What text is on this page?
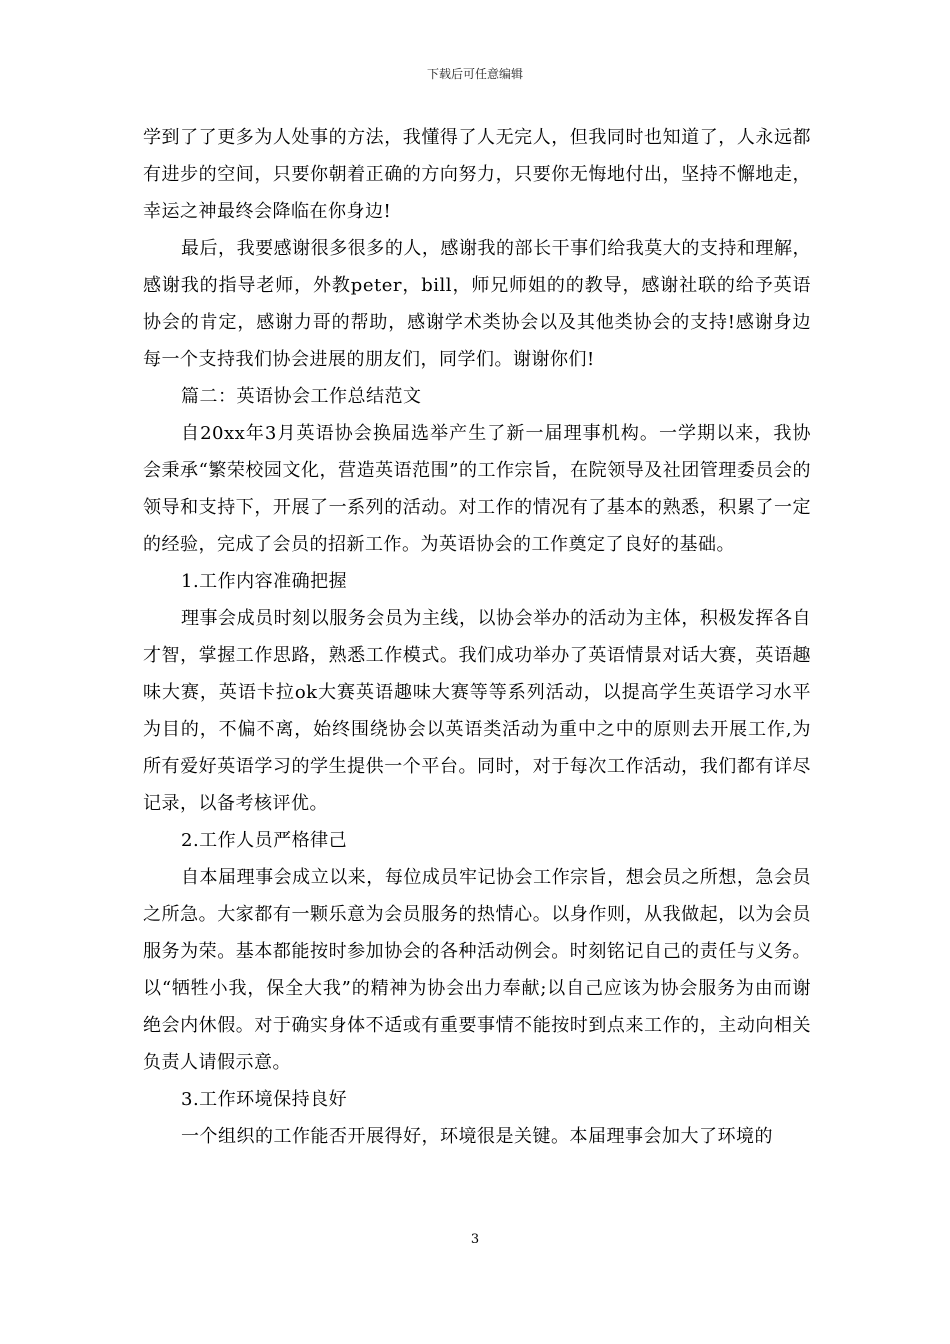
下载后可任意编辑

学到了了更多为人处事的方法，我懂得了人无完人，但我同时也知道了，人永远都有进步的空间，只要你朝着正确的方向努力，只要你无悔地付出，坚持不懈地走，幸运之神最终会降临在你身边!

最后，我要感谢很多很多的人，感谢我的部长干事们给我莫大的支持和理解，感谢我的指导老师，外教peter，bill，师兄师姐的的教导，感谢社联的给予英语协会的肯定，感谢力哥的帮助，感谢学术类协会以及其他类协会的支持!感谢身边每一个支持我们协会进展的朋友们，同学们。谢谢你们!

篇二：英语协会工作总结范文

自20xx年3月英语协会换届选举产生了新一届理事机构。一学期以来，我协会秉承“繁荣校园文化，营造英语范围”的工作宗旨，在院领导及社团管理委员会的领导和支持下，开展了一系列的活动。对工作的情况有了基本的熟悉，积累了一定的经验，完成了会员的招新工作。为英语协会的工作奠定了良好的基础。

1.工作内容准确把握

理事会成员时刻以服务会员为主线，以协会举办的活动为主体，积极发挥各自才智，掌握工作思路，熟悉工作模式。我们成功举办了英语情景对话大赛，英语趣味大赛，英语卡拉ok大赛英语趣味大赛等等系列活动，以提高学生英语学习水平为目的，不偏不离，始终围绕协会以英语类活动为重中之中的原则去开展工作,为所有爱好英语学习的学生提供一个平台。同时，对于每次工作活动，我们都有详尽记录，以备考核评优。

2.工作人员严格律己

自本届理事会成立以来，每位成员牢记协会工作宗旨，想会员之所想，急会员之所急。大家都有一颗乐意为会员服务的热情心。以身作则，从我做起，以为会员服务为荣。基本都能按时参加协会的各种活动例会。时刻铭记自己的责任与义务。以“牺牲小我，保全大我”的精神为协会出力奉献;以自己应该为协会服务为由而谢绝会内休假。对于确实身体不适或有重要事情不能按时到点来工作的，主动向相关负责人请假示意。

3.工作环境保持良好

一个组织的工作能否开展得好，环境很是关键。本届理事会加大了环境的

3
